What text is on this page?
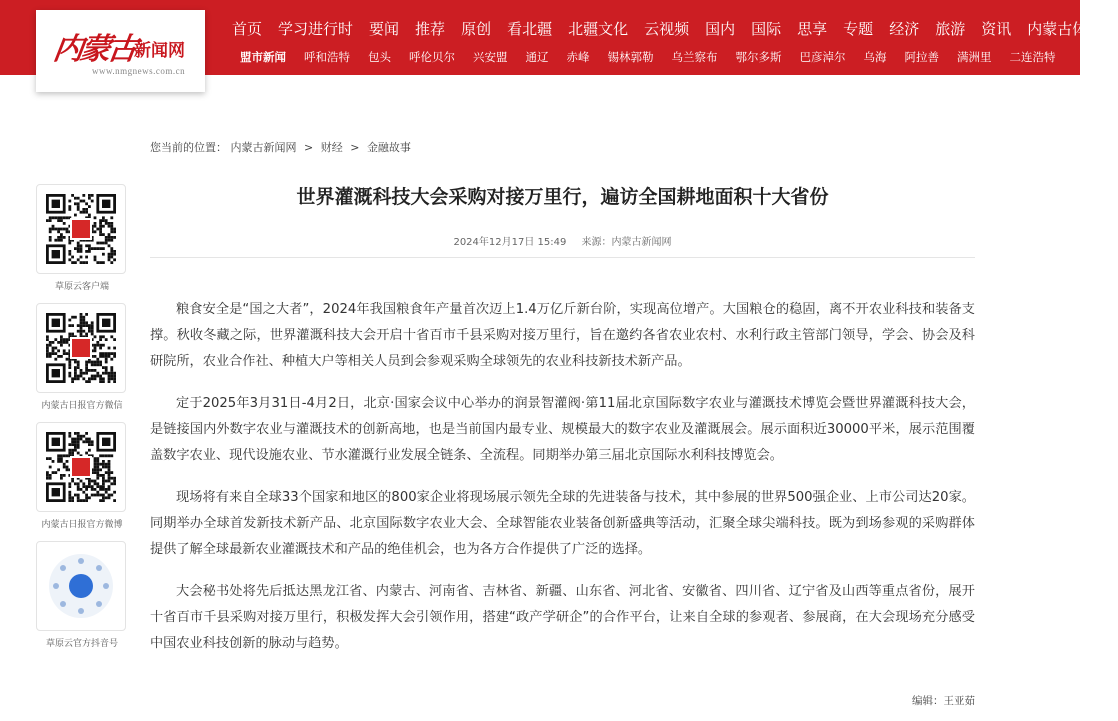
首页 学习进行时 要闻 推荐 原创 看北疆 北疆文化 云视频 国内 国际 思享 专题 经济 旅游 资讯 内蒙古体育
盟市新闻 呼和浩特 包头 呼伦贝尔 兴安盟 通辽 赤峰 锡林郭勒 乌兰察布 鄂尔多斯 巴彦淖尔 乌海 阿拉善 满洲里 二连浩特
内蒙古
新闻网
www.nmgnews.com.cn
您当前的位置： 内蒙古新闻网 > 财经 > 金融故事
草原云客户端
内蒙古日报官方微信
内蒙古日报官方微博
草原云官方抖音号
世界灌溉科技大会采购对接万里行，遍访全国耕地面积十大省份
2024年12月17日 15:49 来源：内蒙古新闻网

粮食安全是“国之大者”，2024年我国粮食年产量首次迈上1.4万亿斤新台阶，实现高位增产。大国粮仓的稳固，离不开农业科技和装备支撑。秋收冬藏之际，世界灌溉科技大会开启十省百市千县采购对接万里行，旨在邀约各省农业农村、水利行政主管部门领导，学会、协会及科研院所，农业合作社、种植大户等相关人员到会参观采购全球领先的农业科技新技术新产品。

定于2025年3月31日-4月2日，北京·国家会议中心举办的润景智灌阀·第11届北京国际数字农业与灌溉技术博览会暨世界灌溉科技大会，是链接国内外数字农业与灌溉技术的创新高地，也是当前国内最专业、规模最大的数字农业及灌溉展会。展示面积近30000平米，展示范围覆盖数字农业、现代设施农业、节水灌溉行业发展全链条、全流程。同期举办第三届北京国际水利科技博览会。

现场将有来自全球33个国家和地区的800家企业将现场展示领先全球的先进装备与技术，其中参展的世界500强企业、上市公司达20家。同期举办全球首发新技术新产品、北京国际数字农业大会、全球智能农业装备创新盛典等活动，汇聚全球尖端科技。既为到场参观的采购群体提供了解全球最新农业灌溉技术和产品的绝佳机会，也为各方合作提供了广泛的选择。

大会秘书处将先后抵达黑龙江省、内蒙古、河南省、吉林省、新疆、山东省、河北省、安徽省、四川省、辽宁省及山西等重点省份，展开十省百市千县采购对接万里行，积极发挥大会引领作用，搭建“政产学研企”的合作平台，让来自全球的参观者、参展商，在大会现场充分感受中国农业科技创新的脉动与趋势。

编辑：王亚茹
